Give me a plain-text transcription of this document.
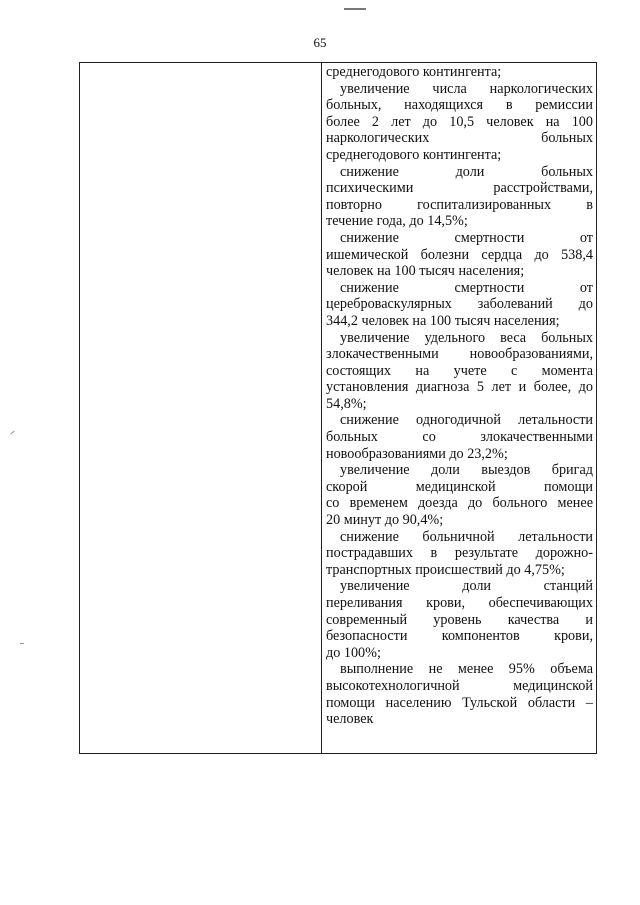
65
среднегодового контингента;
увеличение числа наркологических
больных, находящихся в ремиссии
более 2 лет до 10,5 человек на 100
наркологических больных
среднегодового контингента;
снижение доли больных
психическими расстройствами,
повторно госпитализированных в
течение года, до 14,5%;
снижение смертности от
ишемической болезни сердца до 538,4
человек на 100 тысяч населения;
снижение смертности от
цереброваскулярных заболеваний до
344,2 человек на 100 тысяч населения;
увеличение удельного веса больных
злокачественными новообразованиями,
состоящих на учете с момента
установления диагноза 5 лет и более, до
54,8%;
снижение одногодичной летальности
больных со злокачественными
новообразованиями до 23,2%;
увеличение доли выездов бригад
скорой медицинской помощи
со временем доезда до больного менее
20 минут до 90,4%;
снижение больничной летальности
пострадавших в результате дорожно-
транспортных происшествий до 4,75%;
увеличение доли станций
переливания крови, обеспечивающих
современный уровень качества и
безопасности компонентов крови,
до 100%;
выполнение не менее 95% объема
высокотехнологичной медицинской
помощи населению Тульской области –
человек
